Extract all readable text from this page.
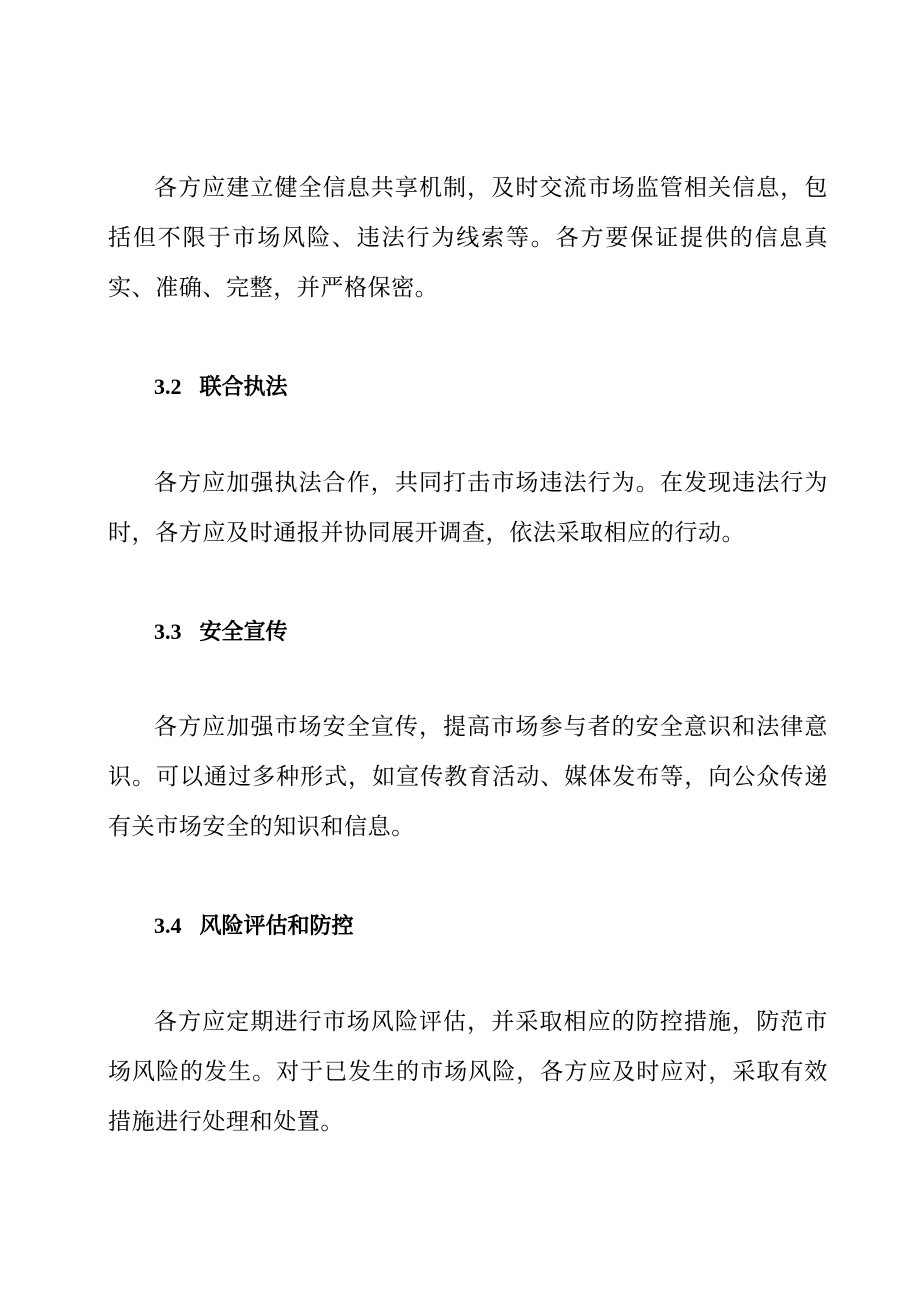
各方应建立健全信息共享机制，及时交流市场监管相关信息，包括但不限于市场风险、违法行为线索等。各方要保证提供的信息真实、准确、完整，并严格保密。

3.2 联合执法

各方应加强执法合作，共同打击市场违法行为。在发现违法行为时，各方应及时通报并协同展开调查，依法采取相应的行动。

3.3 安全宣传

各方应加强市场安全宣传，提高市场参与者的安全意识和法律意识。可以通过多种形式，如宣传教育活动、媒体发布等，向公众传递有关市场安全的知识和信息。

3.4 风险评估和防控

各方应定期进行市场风险评估，并采取相应的防控措施，防范市场风险的发生。对于已发生的市场风险，各方应及时应对，采取有效措施进行处理和处置。
